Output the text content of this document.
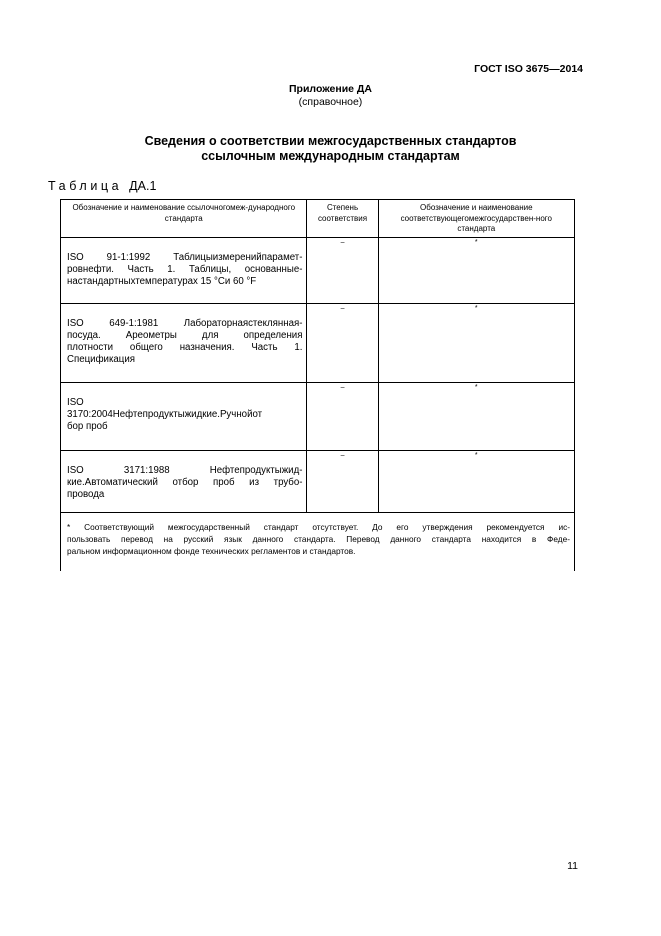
ГОСТ ISO 3675—2014
Приложение ДА
(справочное)
Сведения о соответствии межгосударственных стандартов
ссылочным международным стандартам
Таблица ДА.1
Обозначение и наименование ссылочногомеж-дународного стандарта	Степень соответствия	Обозначение и наименование соответствующегомежгосударствен-ного стандарта

ISO 91-1:1992 Таблицыизмеренийпарамет-
ровнефти. Часть 1. Таблицы, основанные-
настандартныхтемпературах 15 °Си 60 °F	–	*

ISO 649-1:1981 Лабораторнаястеклянная-
посуда. Ареометры для определения
плотности общего назначения. Часть 1.
Спецификация	–	*

ISO
3170:2004Нефтепродуктыжидкие.Ручнойот
бор проб	–	*

ISO 3171:1988 Нефтепродуктыжид-
кие.Автоматический отбор проб из трубо-
провода	–	*

* Соответствующий межгосударственный стандарт отсутствует. До его утверждения рекомендуется ис-
пользовать перевод на русский язык данного стандарта. Перевод данного стандарта находится в Феде-
ральном информационном фонде технических регламентов и стандартов.		
11
